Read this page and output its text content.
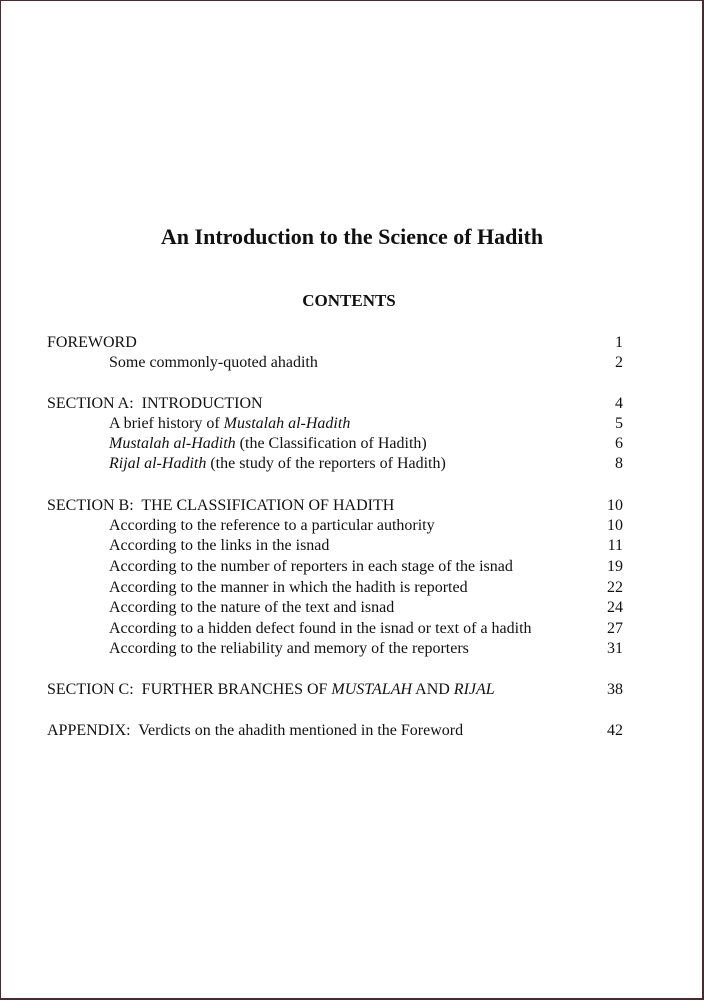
An Introduction to the Science of Hadith
CONTENTS
FOREWORD	1
Some commonly-quoted ahadith	2
SECTION A:  INTRODUCTION	4
A brief history of Mustalah al-Hadith	5
Mustalah al-Hadith (the Classification of Hadith)	6
Rijal al-Hadith (the study of the reporters of Hadith)	8
SECTION B:  THE CLASSIFICATION OF HADITH	10
According to the reference to a particular authority	10
According to the links in the isnad	11
According to the number of reporters in each stage of the isnad	19
According to the manner in which the hadith is reported	22
According to the nature of the text and isnad	24
According to a hidden defect found in the isnad or text of a hadith	27
According to the reliability and memory of the reporters	31
SECTION C:  FURTHER BRANCHES OF MUSTALAH AND RIJAL	38
APPENDIX:  Verdicts on the ahadith mentioned in the Foreword	42
